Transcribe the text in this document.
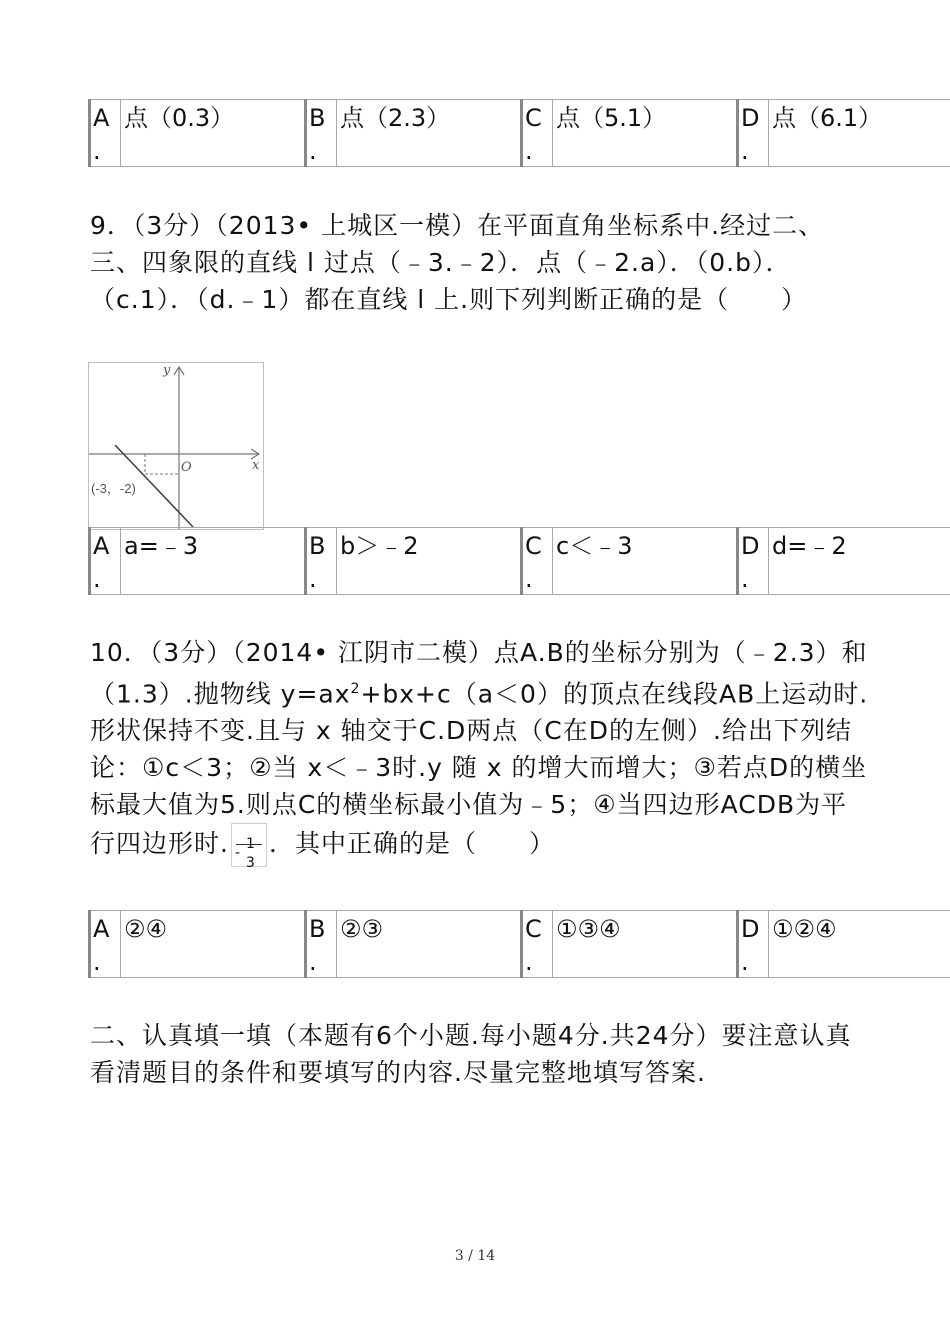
A
.
	点（0.3）	B
.
	点（2.3）	C
.
	点（5.1）	D
.
	点（6.1）
9．（3分）（2013• 上城区一模）在平面直角坐标系中.经过二、三、四象限的直线 l 过点（﹣3.﹣2）．点（﹣2.a）．（0.b）．（c.1）．（d.﹣1）都在直线 l 上.则下列判断正确的是（　　）
y
x
O
(-3，-2)
A
.
	a=﹣3	B
.
	b＞﹣2	C
.
	c＜﹣3	D
.
	d=﹣2
10．（3分）（2014• 江阴市二模）点A.B的坐标分别为（﹣2.3）和（1.3）.抛物线 $y=ax^2+bx+c(a<0)$的顶点在线段AB上运动时.形状保持不变.且与 x 轴交于C.D两点（C在D的左侧）.给出下列结论：①c＜3；②当 x＜﹣3时.y 随 x 的增大而增大；③若点D的横坐标最大值为5.则点C的横坐标最小值为﹣5；④当四边形ACDB为平行四边形时. -
1
3
．其中正确的是（　　）
A
.
	②④	B
.
	②③	C
.
	①③④	D
.
	①②④
二、认真填一填（本题有6个小题.每小题4分.共24分）要注意认真看清题目的条件和要填写的内容.尽量完整地填写答案.
3 / 14
